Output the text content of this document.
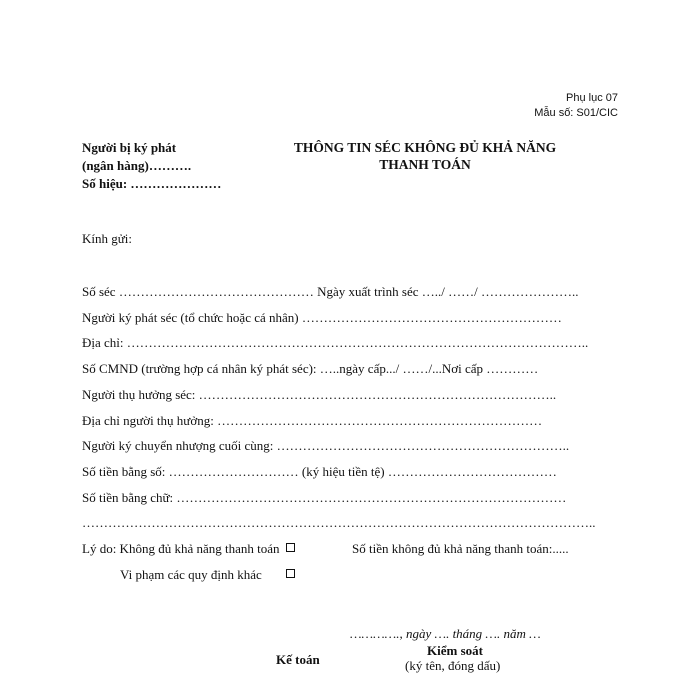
Phụ lục 07
Mẫu số: S01/CIC
Người bị ký phát
(ngân hàng)……….
Số hiệu: …………………
THÔNG TIN SÉC KHÔNG ĐỦ KHẢ NĂNG
THANH TOÁN
Kính gửi:
Số séc ……………………………………… Ngày xuất trình séc …../ ……/ …………………..
Người ký phát séc (tổ chức hoặc cá nhân) ……………………………………………………
Địa chỉ: ……………………………………………………………………………………………..
Số CMND (trường hợp cá nhân ký phát séc): …..ngày cấp.../ ……/...Nơi cấp …………
Người thụ hưởng séc: ………………………………………………………………………..
Địa chỉ người thụ hưởng: …………………………………………………………………
Người ký chuyển nhượng cuối cùng: …………………………………………………………..
Số tiền bằng số: ………………………… (ký hiệu tiền tệ) …………………………………
Số tiền bằng chữ: ………………………………………………………………………………
………………………………………………………………………………………………………..
Lý do: Không đủ khả năng thanh toán	Số tiền không đủ khả năng thanh toán:.....
Vi phạm các quy định khác
…………., ngày …. tháng …. năm …
Kiểm soát
Kế toán	(ký tên, đóng dấu)
